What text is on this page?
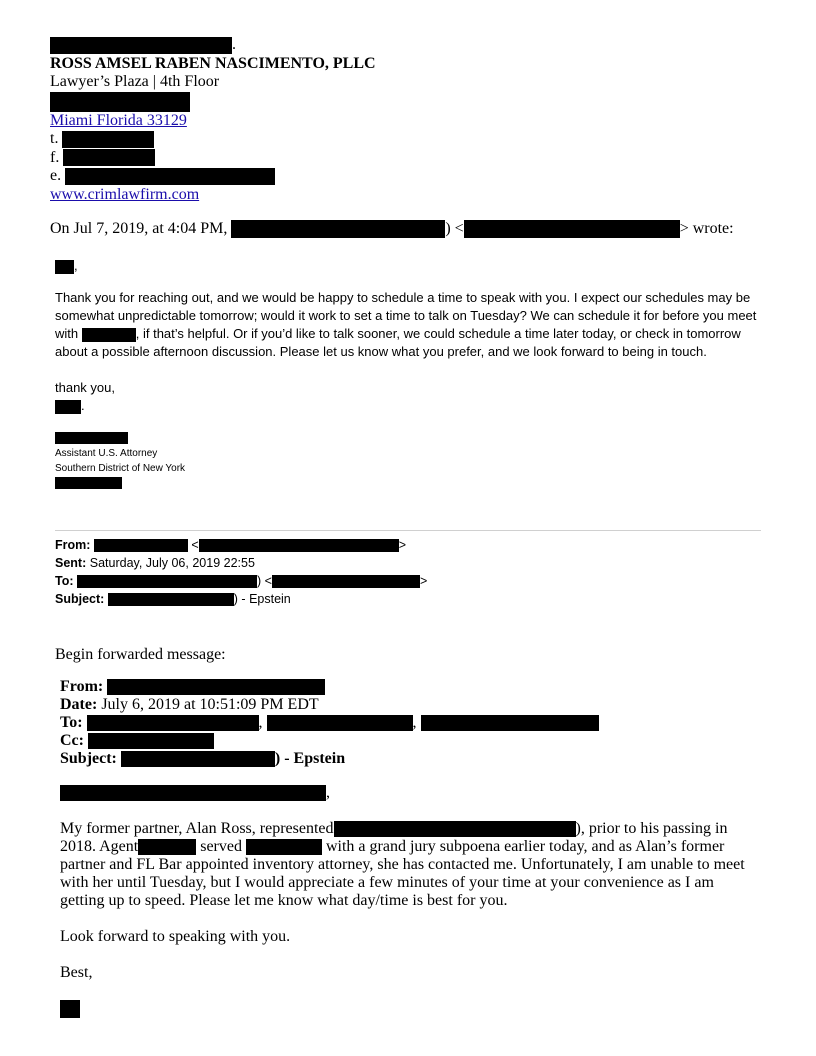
.
ROSS AMSEL RABEN NASCIMENTO, PLLC
Lawyer’s Plaza | 4th Floor
Miami Florida 33129
t.
f.
e.
www.crimlawfirm.com
On Jul 7, 2019, at 4:04 PM,	) <	> wrote:

,

Thank you for reaching out, and we would be happy to schedule a time to speak with you. I expect our schedules may be somewhat unpredictable tomorrow; would it work to set a time to talk on Tuesday? We can schedule it for before you meet with	, if that’s helpful. Or if you’d like to talk sooner, we could schedule a time later today, or check in tomorrow about a possible afternoon discussion. Please let us know what you prefer, and we look forward to being in touch.

thank you,

.

Assistant U.S. Attorney
Southern District of New York
From:	<	>
Sent: Saturday, July 06, 2019 22:55
To:	) <	>
Subject:	) - Epstein
Begin forwarded message:
From:
Date: July 6, 2019 at 10:51:09 PM EDT
To:	,	,
Cc:
Subject:	) - Epstein

,

My former partner, Alan Ross, represented	), prior to his passing in 2018. Agent	served	with a grand jury subpoena earlier today, and as Alan’s former partner and FL Bar appointed inventory attorney, she has contacted me. Unfortunately, I am unable to meet with her until Tuesday, but I would appreciate a few minutes of your time at your convenience as I am getting up to speed. Please let me know what day/time is best for you.

Look forward to speaking with you.

Best,
